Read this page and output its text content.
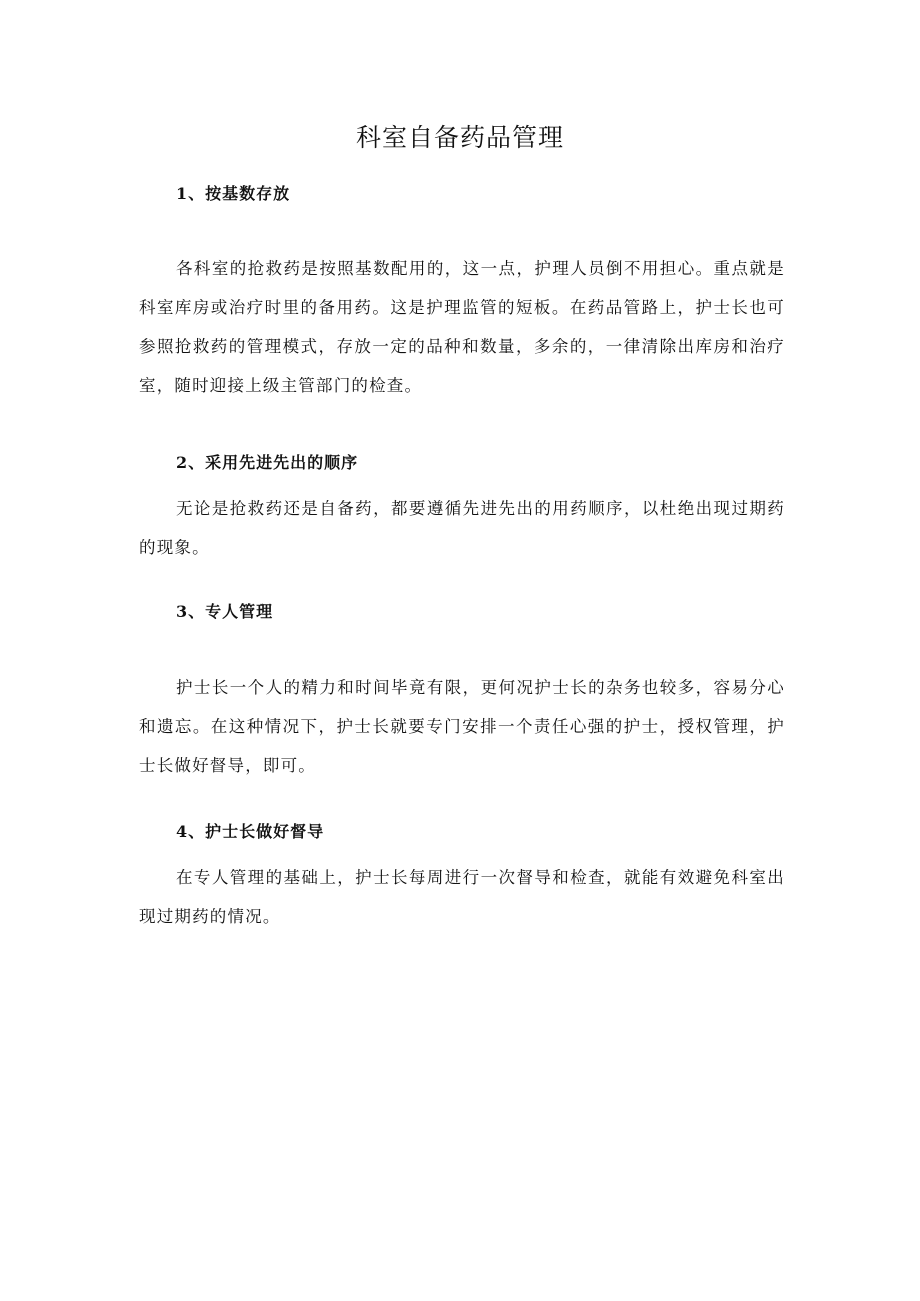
科室自备药品管理
1、按基数存放

各科室的抢救药是按照基数配用的，这一点，护理人员倒不用担心。重点就是科室库房或治疗时里的备用药。这是护理监管的短板。在药品管路上，护士长也可参照抢救药的管理模式，存放一定的品种和数量，多余的，一律清除出库房和治疗室，随时迎接上级主管部门的检查。

2、采用先进先出的顺序

无论是抢救药还是自备药，都要遵循先进先出的用药顺序，以杜绝出现过期药的现象。

3、专人管理

护士长一个人的精力和时间毕竟有限，更何况护士长的杂务也较多，容易分心和遗忘。在这种情况下，护士长就要专门安排一个责任心强的护士，授权管理，护士长做好督导，即可。

4、护士长做好督导

在专人管理的基础上，护士长每周进行一次督导和检查，就能有效避免科室出现过期药的情况。
